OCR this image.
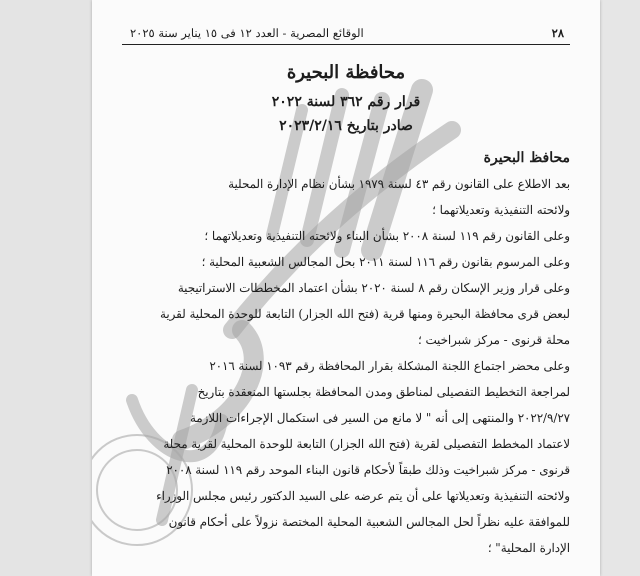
٢٨
الوقائع المصرية - العدد ١٢ فى ١٥ يناير سنة ٢٠٢٥
محافظة البحيرة
قرار رقم ٣٦٢ لسنة ٢٠٢٢
صادر بتاريخ ٢٠٢٣/٢/١٦
محافظ البحيرة
بعد الاطلاع على القانون رقم ٤٣ لسنة ١٩٧٩ بشأن نظام الإدارة المحلية
ولائحته التنفيذية وتعديلاتهما ؛
وعلى القانون رقم ١١٩ لسنة ٢٠٠٨ بشأن البناء ولائحته التنفيذية وتعديلاتهما ؛
وعلى المرسوم بقانون رقم ١١٦ لسنة ٢٠١١ بحل المجالس الشعبية المحلية ؛
وعلى قرار وزير الإسكان رقم ٨ لسنة ٢٠٢٠ بشأن اعتماد المخططات الاستراتيجية
لبعض قرى محافظة البحيرة ومنها قرية (فتح الله الجزار) التابعة للوحدة المحلية لقرية
محلة قرنوى - مركز شبراخيت ؛
وعلى محضر اجتماع اللجنة المشكلة بقرار المحافظة رقم ١٠٩٣ لسنة ٢٠١٦
لمراجعة التخطيط التفصيلى لمناطق ومدن المحافظة بجلستها المنعقدة بتاريخ
٢٠٢٢/٩/٢٧ والمنتهى إلى أنه " لا مانع من السير فى استكمال الإجراءات اللازمة
لاعتماد المخطط التفصيلى لقرية (فتح الله الجزار) التابعة للوحدة المحلية لقرية محلة
قرنوى - مركز شبراخيت وذلك طبقاً لأحكام قانون البناء الموحد رقم ١١٩ لسنة ٢٠٠٨
ولائحته التنفيذية وتعديلاتها على أن يتم عرضه على السيد الدكتور رئيس مجلس الوزراء
للموافقة عليه نظراً لحل المجالس الشعبية المحلية المختصة نزولاً على أحكام قانون
الإدارة المحلية" ؛
